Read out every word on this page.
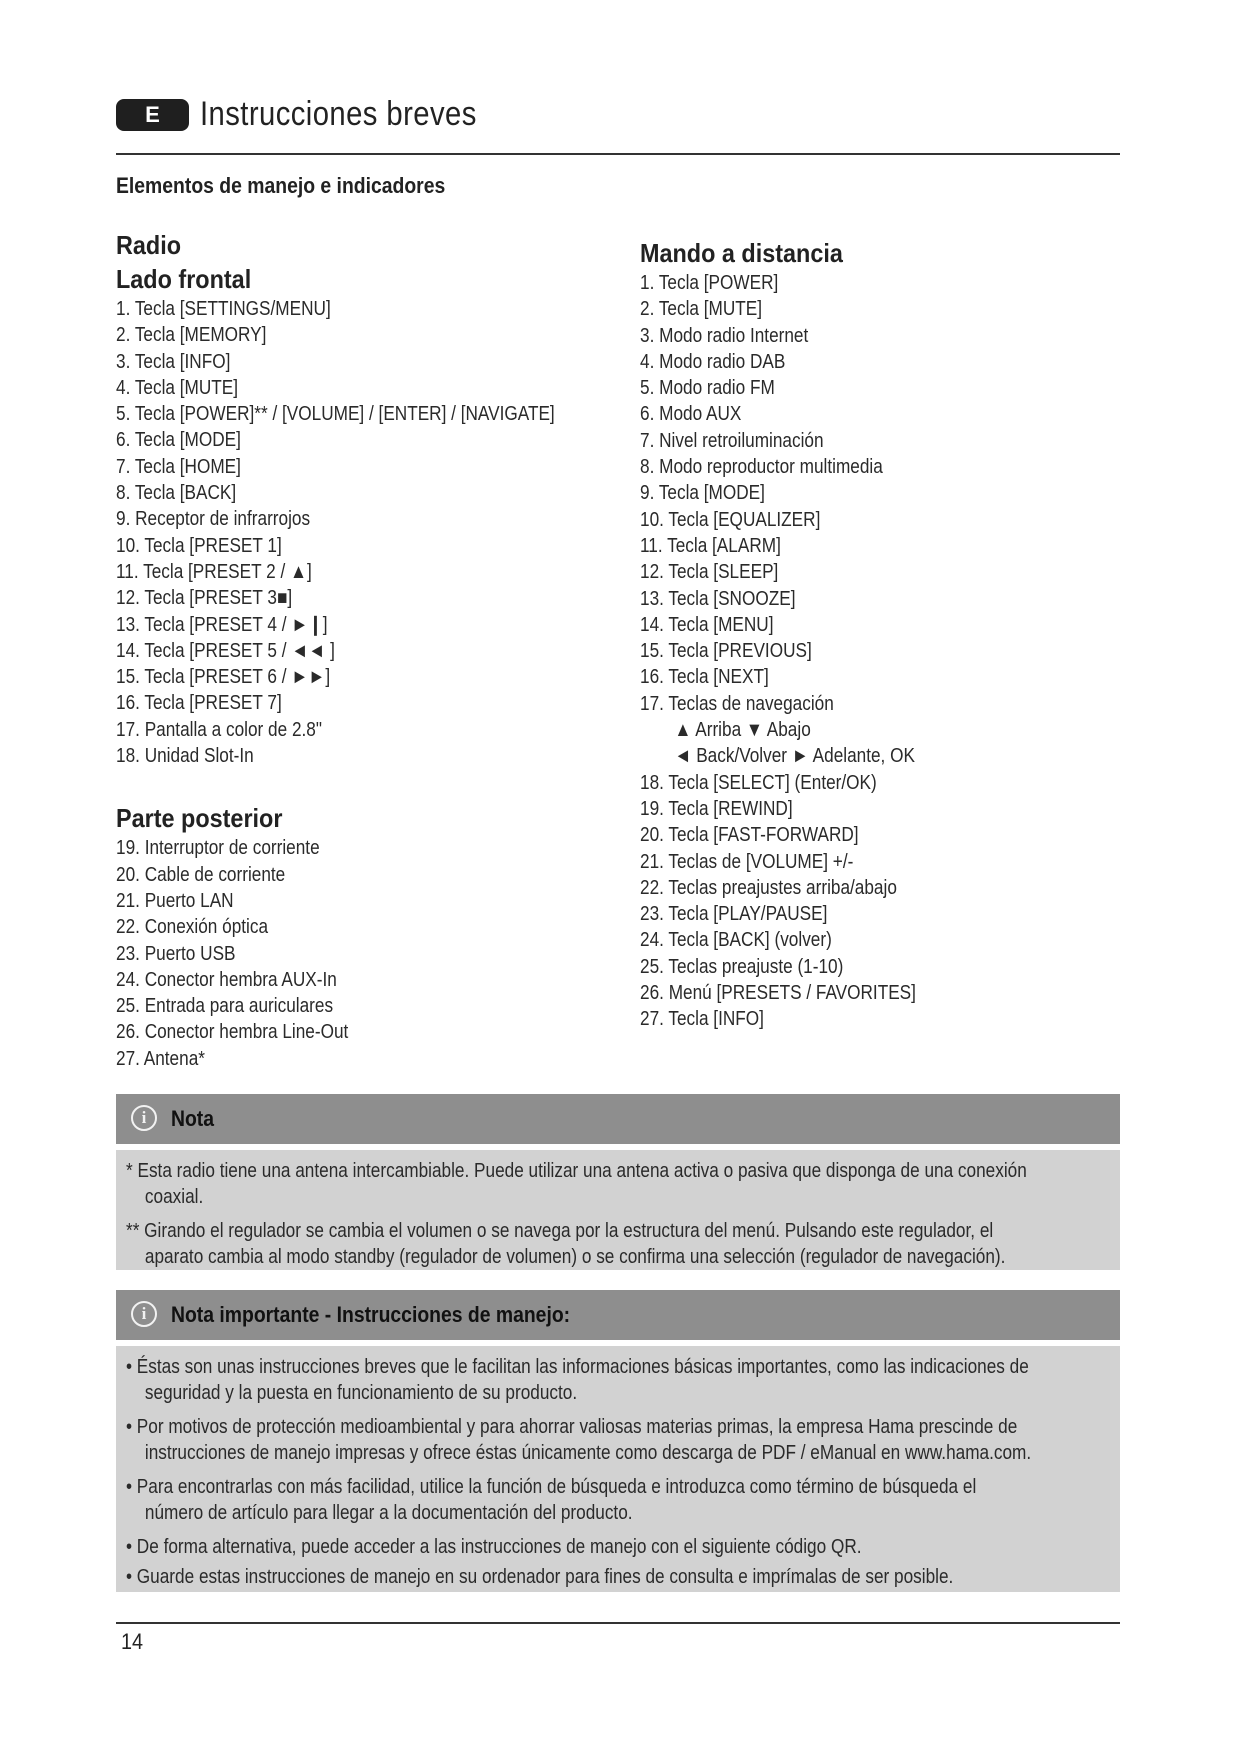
E	Instrucciones breves
Elementos de manejo e indicadores
Radio
Lado frontal
1. Tecla [SETTINGS/MENU]
2. Tecla [MEMORY]
3. Tecla [INFO]
4. Tecla [MUTE]
5. Tecla [POWER]** / [VOLUME] / [ENTER] / [NAVIGATE]
6. Tecla [MODE]
7. Tecla [HOME]
8. Tecla [BACK]
9. Receptor de infrarrojos
10. Tecla [PRESET 1]
11. Tecla [PRESET 2 / ▲]
12. Tecla [PRESET 3■]
13. Tecla [PRESET 4 / ►❙]
14. Tecla [PRESET 5 / ◄◄ ]
15. Tecla [PRESET 6 / ►►]
16. Tecla [PRESET 7]
17. Pantalla a color de 2.8"
18. Unidad Slot-In
Parte posterior
19. Interruptor de corriente
20. Cable de corriente
21. Puerto LAN
22. Conexión óptica
23. Puerto USB
24. Conector hembra AUX-In
25. Entrada para auriculares
26. Conector hembra Line-Out
27. Antena*
Mando a distancia
1. Tecla [POWER]
2. Tecla [MUTE]
3. Modo radio Internet
4. Modo radio DAB
5. Modo radio FM
6. Modo AUX
7. Nivel retroiluminación
8. Modo reproductor multimedia
9. Tecla [MODE]
10. Tecla [EQUALIZER]
11. Tecla [ALARM]
12. Tecla [SLEEP]
13. Tecla [SNOOZE]
14. Tecla [MENU]
15. Tecla [PREVIOUS]
16. Tecla [NEXT]
17. Teclas de navegación
▲ Arriba ▼ Abajo
◄ Back/Volver ► Adelante, OK
18. Tecla [SELECT] (Enter/OK)
19. Tecla [REWIND]
20. Tecla [FAST-FORWARD]
21. Teclas de [VOLUME] +/-
22. Teclas preajustes arriba/abajo
23. Tecla [PLAY/PAUSE]
24. Tecla [BACK] (volver)
25. Teclas preajuste (1-10)
26. Menú [PRESETS / FAVORITES]
27. Tecla [INFO]
i	Nota
* Esta radio tiene una antena intercambiable. Puede utilizar una antena activa o pasiva que disponga de una conexión
coaxial.
** Girando el regulador se cambia el volumen o se navega por la estructura del menú. Pulsando este regulador, el
aparato cambia al modo standby (regulador de volumen) o se confirma una selección (regulador de navegación).
i	Nota importante - Instrucciones de manejo:
• Éstas son unas instrucciones breves que le facilitan las informaciones básicas importantes, como las indicaciones de
seguridad y la puesta en funcionamiento de su producto.
• Por motivos de protección medioambiental y para ahorrar valiosas materias primas, la empresa Hama prescinde de
instrucciones de manejo impresas y ofrece éstas únicamente como descarga de PDF / eManual en www.hama.com.
• Para encontrarlas con más facilidad, utilice la función de búsqueda e introduzca como término de búsqueda el
número de artículo para llegar a la documentación del producto.
• De forma alternativa, puede acceder a las instrucciones de manejo con el siguiente código QR.
• Guarde estas instrucciones de manejo en su ordenador para fines de consulta e imprímalas de ser posible.
14
